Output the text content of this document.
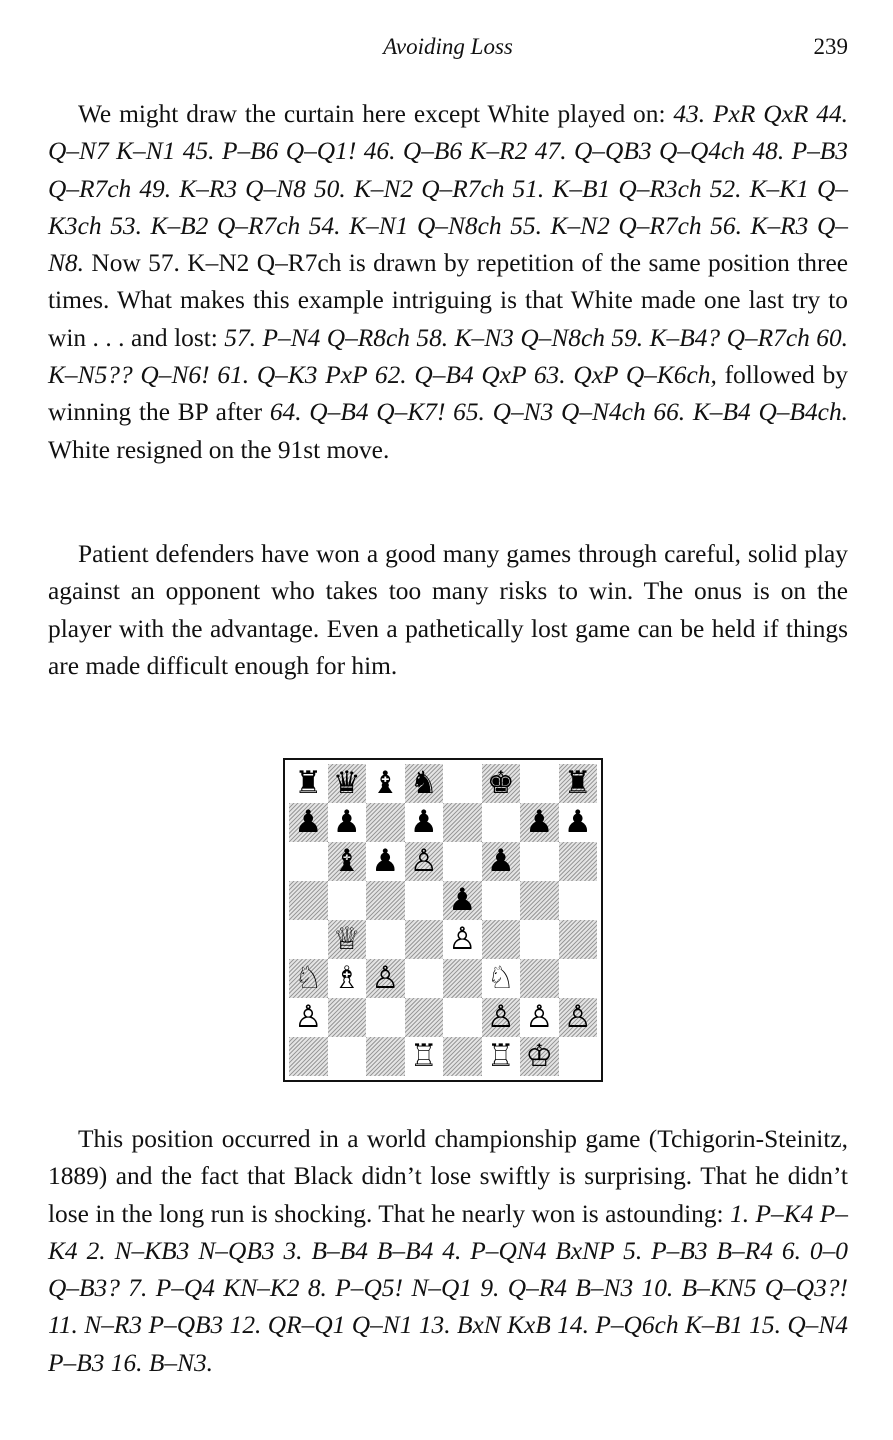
Avoiding Loss	239

We might draw the curtain here except White played on: 43. PxR QxR 44. Q–N7 K–N1 45. P–B6 Q–Q1! 46. Q–B6 K–R2 47. Q–QB3 Q–Q4ch 48. P–B3 Q–R7ch 49. K–R3 Q–N8 50. K–N2 Q–R7ch 51. K–B1 Q–R3ch 52. K–K1 Q–K3ch 53. K–B2 Q–R7ch 54. K–N1 Q–N8ch 55. K–N2 Q–R7ch 56. K–R3 Q–N8. Now 57. K–N2 Q–R7ch is drawn by repetition of the same position three times. What makes this example intriguing is that White made one last try to win . . . and lost: 57. P–N4 Q–R8ch 58. K–N3 Q–N8ch 59. K–B4? Q–R7ch 60. K–N5?? Q–N6! 61. Q–K3 PxP 62. Q–B4 QxP 63. QxP Q–K6ch, followed by winning the BP after 64. Q–B4 Q–K7! 65. Q–N3 Q–N4ch 66. K–B4 Q–B4ch. White resigned on the 91st move.

Patient defenders have won a good many games through careful, solid play against an opponent who takes too many risks to win. The onus is on the player with the advantage. Even a pathetically lost game can be held if things are made difficult enough for him.

♜ ♛ ♝ ♞ ♚ ♜
♟ ♟ ♟	♟ ♟
♝ ♟ ♙ ♟
♟
♕	♙
♘ ♗ ♙	♘
♙	♙ ♙ ♙
♖ ♖ ♔

This position occurred in a world championship game (Tchigorin-Steinitz, 1889) and the fact that Black didn’t lose swiftly is surprising. That he didn’t lose in the long run is shocking. That he nearly won is astounding: 1. P–K4 P–K4 2. N–KB3 N–QB3 3. B–B4 B–B4 4. P–QN4 BxNP 5. P–B3 B–R4 6. 0–0 Q–B3? 7. P–Q4 KN–K2 8. P–Q5! N–Q1 9. Q–R4 B–N3 10. B–KN5 Q–Q3?! 11. N–R3 P–QB3 12. QR–Q1 Q–N1 13. BxN KxB 14. P–Q6ch K–B1 15. Q–N4 P–B3 16. B–N3.
